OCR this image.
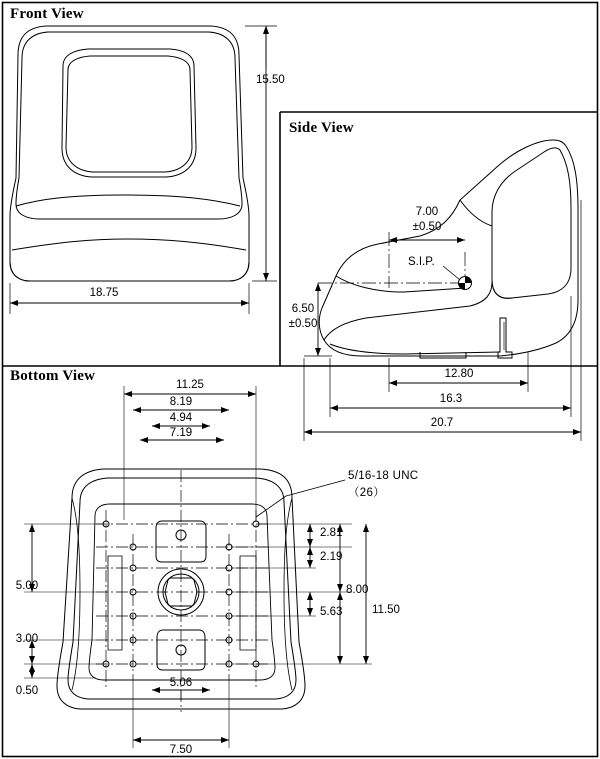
Front View
Side View
Bottom View
15.50
18.75
7.00
±0.50
S.I.P.
6.50
±0.50
12.80
16.3
20.7
11.25
8.19
4.94
7.19
5.00
3.00
0.50
2.81
2.19
8.00
5.63	11.50
5.06
7.50
5/16-18 UNC
（26）
